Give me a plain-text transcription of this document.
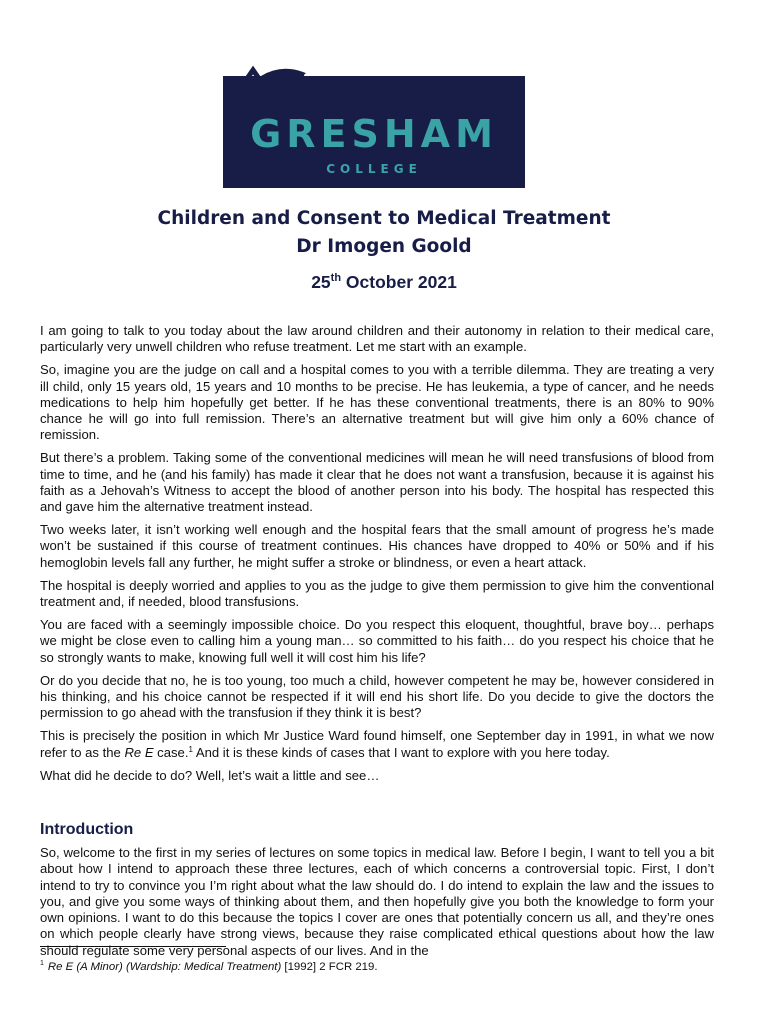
GRESHAM
COLLEGE
Children and Consent to Medical Treatment
Dr Imogen Goold
25th October 2021

I am going to talk to you today about the law around children and their autonomy in relation to their medical care, particularly very unwell children who refuse treatment. Let me start with an example.

So, imagine you are the judge on call and a hospital comes to you with a terrible dilemma. They are treating a very ill child, only 15 years old, 15 years and 10 months to be precise. He has leukemia, a type of cancer, and he needs medications to help him hopefully get better. If he has these conventional treatments, there is an 80% to 90% chance he will go into full remission. There’s an alternative treatment but will give him only a 60% chance of remission.

But there’s a problem. Taking some of the conventional medicines will mean he will need transfusions of blood from time to time, and he (and his family) has made it clear that he does not want a transfusion, because it is against his faith as a Jehovah’s Witness to accept the blood of another person into his body. The hospital has respected this and gave him the alternative treatment instead.

Two weeks later, it isn’t working well enough and the hospital fears that the small amount of progress he’s made won’t be sustained if this course of treatment continues. His chances have dropped to 40% or 50% and if his hemoglobin levels fall any further, he might suffer a stroke or blindness, or even a heart attack.

The hospital is deeply worried and applies to you as the judge to give them permission to give him the conventional treatment and, if needed, blood transfusions.

You are faced with a seemingly impossible choice. Do you respect this eloquent, thoughtful, brave boy… perhaps we might be close even to calling him a young man… so committed to his faith… do you respect his choice that he so strongly wants to make, knowing full well it will cost him his life?

Or do you decide that no, he is too young, too much a child, however competent he may be, however considered in his thinking, and his choice cannot be respected if it will end his short life. Do you decide to give the doctors the permission to go ahead with the transfusion if they think it is best?

This is precisely the position in which Mr Justice Ward found himself, one September day in 1991, in what we now refer to as the Re E case.$^1$ And it is these kinds of cases that I want to explore with you here today.

What did he decide to do? Well, let’s wait a little and see…

Introduction

So, welcome to the first in my series of lectures on some topics in medical law. Before I begin, I want to tell you a bit about how I intend to approach these three lectures, each of which concerns a controversial topic. First, I don’t intend to try to convince you I’m right about what the law should do. I do intend to explain the law and the issues to you, and give you some ways of thinking about them, and then hopefully give you both the knowledge to form your own opinions. I want to do this because the topics I cover are ones that potentially concern us all, and they’re ones on which people clearly have strong views, because they raise complicated ethical questions about how the law should regulate some very personal aspects of our lives. And in the

$^1$ Re E (A Minor) (Wardship: Medical Treatment) [1992] 2 FCR 219.
